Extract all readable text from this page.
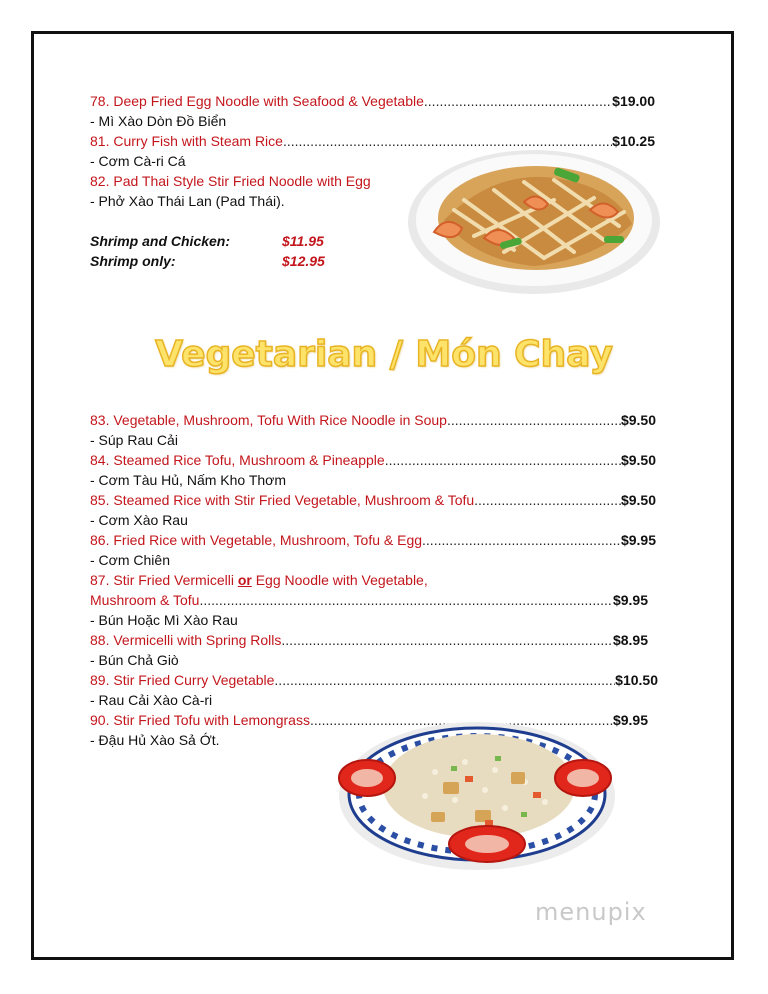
78. Deep Fried Egg Noodle with Seafood & Vegetable .....	$19.00
- Mì Xào Dòn Đồ Biển
81. Curry Fish with Steam Rice .....	$10.25
- Cơm Cà-ri Cá
82. Pad Thai Style Stir Fried Noodle with Egg
- Phở Xào Thái Lan (Pad Thái).
Shrimp and Chicken:	$11.95
Shrimp only:	$12.95
Vegetarian / Món Chay
83. Vegetable, Mushroom, Tofu With Rice Noodle in Soup .....	$9.50
- Súp Rau Cải
84. Steamed Rice Tofu, Mushroom & Pineapple .....	$9.50
- Cơm Tàu Hủ, Nấm Kho Thơm
85. Steamed Rice with Stir Fried Vegetable, Mushroom & Tofu .....	$9.50
- Cơm Xào Rau
86. Fried Rice with Vegetable, Mushroom, Tofu & Egg .....	$9.95
- Cơm Chiên
87. Stir Fried Vermicelli or Egg Noodle with Vegetable,
Mushroom & Tofu .....	$9.95
- Bún Hoặc Mì Xào Rau
88. Vermicelli with Spring Rolls .....	$8.95
- Bún Chả Giò
89. Stir Fried Curry Vegetable .....	$10.50
- Rau Cải Xào Cà-ri
90. Stir Fried Tofu with Lemongrass .....	$9.95
- Đậu Hủ Xào Sả Ớt.
menupix
